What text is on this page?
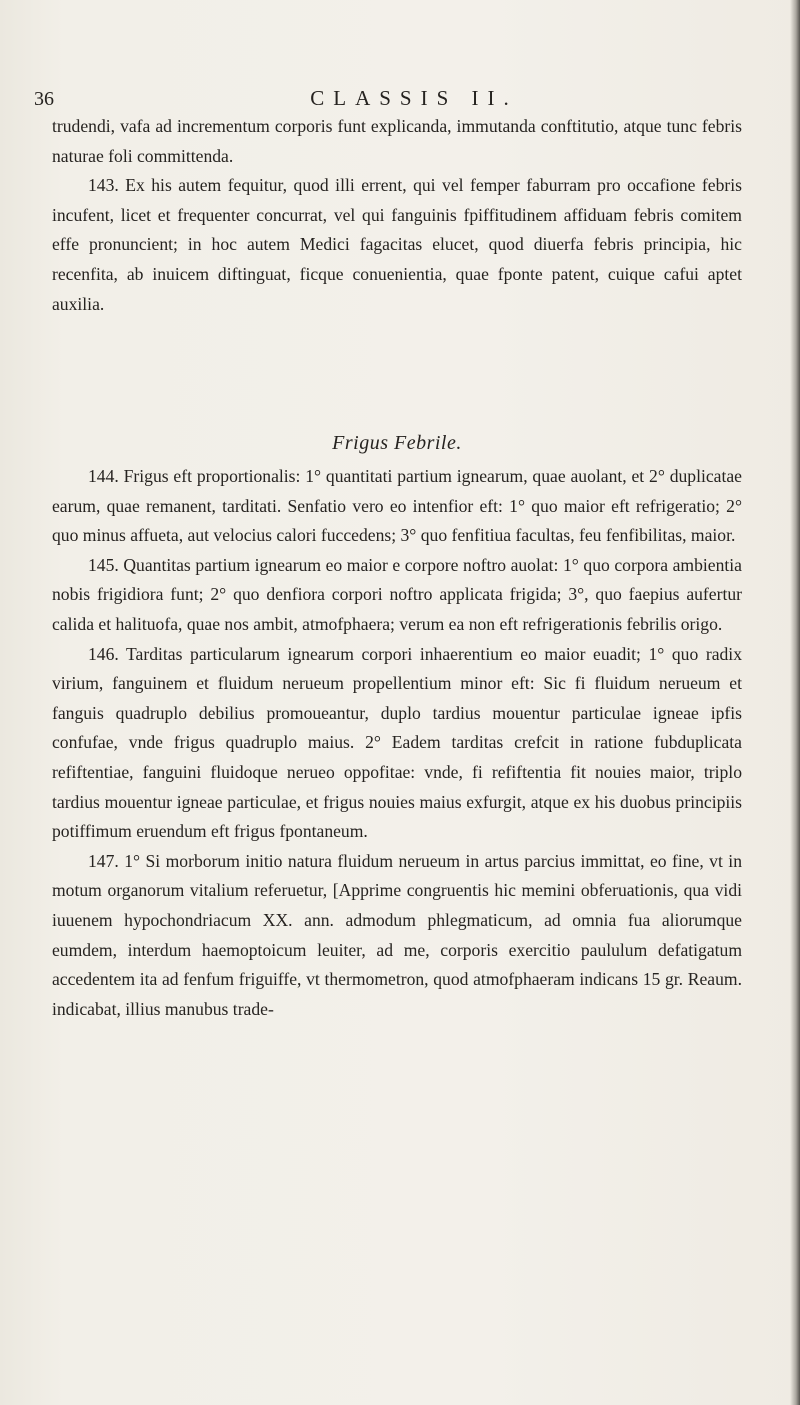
36	CLASSIS II.

trudendi, vafa ad incrementum corporis funt explicanda, immutanda conftitutio, atque tunc febris naturae foli committenda.

143. Ex his autem fequitur, quod illi errent, qui vel femper faburram pro occafione febris incufent, licet et frequenter concurrat, vel qui fanguinis fpiffitudinem affiduam febris comitem effe pronuncient; in hoc autem Medici fagacitas elucet, quod diuerfa febris principia, hic recenfita, ab inuicem diftinguat, ficque conuenientia, quae fponte patent, cuique cafui aptet auxilia.

Frigus Febrile.

144. Frigus eft proportionalis: 1° quantitati partium ignearum, quae auolant, et 2° duplicatae earum, quae remanent, tarditati. Senfatio vero eo intenfior eft: 1° quo maior eft refrigeratio; 2° quo minus affueta, aut velocius calori fuccedens; 3° quo fenfitiua facultas, feu fenfibilitas, maior.

145. Quantitas partium ignearum eo maior e corpore noftro auolat: 1° quo corpora ambientia nobis frigidiora funt; 2° quo denfiora corpori noftro applicata frigida; 3°, quo faepius aufertur calida et halituofa, quae nos ambit, atmofphaera; verum ea non eft refrigerationis febrilis origo.

146. Tarditas particularum ignearum corpori inhaerentium eo maior euadit; 1° quo radix virium, fanguinem et fluidum neruеum propellentium minor eft: Sic fi fluidum neruеum et fanguis quadruplo debilius promoueantur, duplo tardius mouentur particulae igneae ipfis confufae, vnde frigus quadruplo maius. 2° Eadem tarditas crefcit in ratione fubduplicata refiftentiae, fanguini fluidoque neruео oppofitae: vnde, fi refiftentia fit nouies maior, triplo tardius mouentur igneae particulae, et frigus nouies maius exfurgit, atque ex his duobus principiis potiffimum eruendum eft frigus fpontaneum.

147. 1° Si morborum initio natura fluidum neruеum in artus parcius immittat, eo fine, vt in motum organorum vitalium referuetur, [Apprime congruentis hic memini obferuationis, qua vidi iuuenem hypochondriacum XX. ann. admodum phlegmaticum, ad omnia fua aliorumque eumdem, interdum haemoptoicum leuiter, ad me, corporis exercitio paululum defatigatum accedentem ita ad fenfum friguiffe, vt thermometron, quod atmofphaeram indicans 15 gr. Reaum. indicabat, illius manubus trade-
